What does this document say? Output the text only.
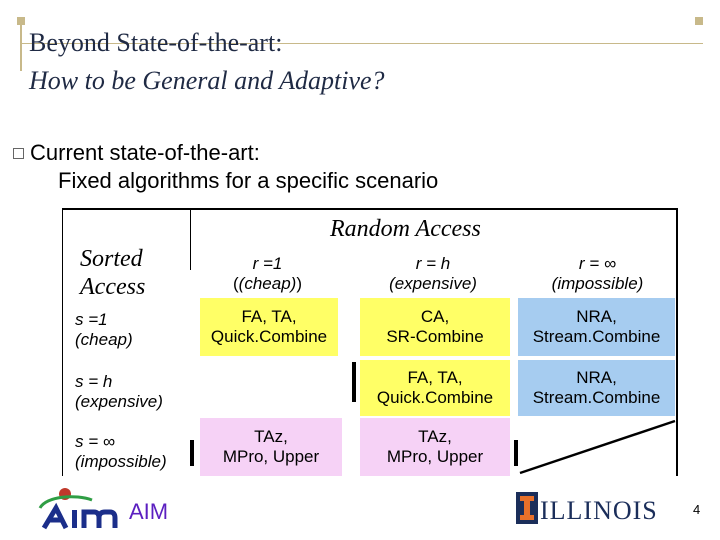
Beyond State-of-the-art:
How to be General and Adaptive?
Current state-of-the-art:
Fixed algorithms for a specific scenario
Random Access
Sorted
Access
r =1
((cheap))
r = h
(expensive)
r = ∞
(impossible)
s =1
(cheap)
s = h
(expensive)
s = ∞
(impossible)
FA, TA,
Quick.Combine
CA,
SR-Combine
NRA,
Stream.Combine
FA, TA,
Quick.Combine
NRA,
Stream.Combine
TAz,
MPro, Upper
TAz,
MPro, Upper
AIM	ILLINOIS	4
